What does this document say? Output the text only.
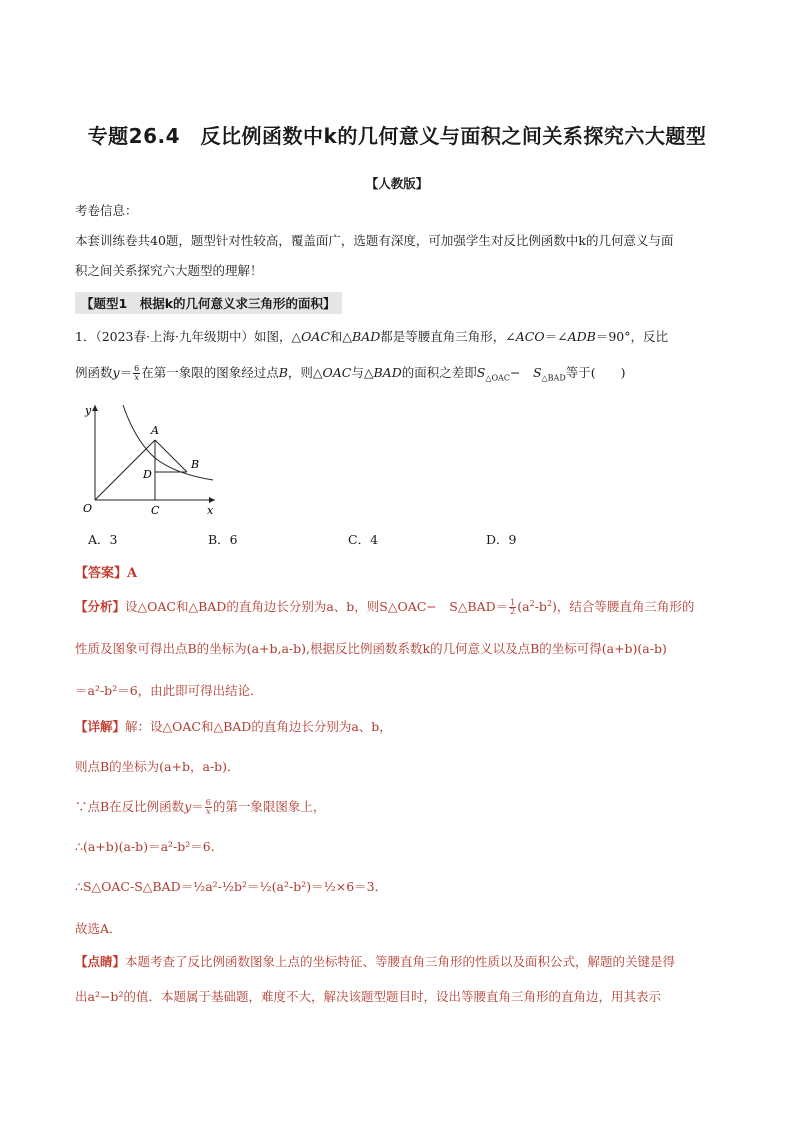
专题26.4　反比例函数中k的几何意义与面积之间关系探究六大题型
【人教版】
考卷信息：
本套训练卷共40题，题型针对性较高，覆盖面广，选题有深度，可加强学生对反比例函数中k的几何意义与面
积之间关系探究六大题型的理解！
【题型1　根据k的几何意义求三角形的面积】
1．（2023春·上海·九年级期中）如图，△OAC和△BAD都是等腰直角三角形，∠ACO＝∠ADB＝90°，反比
例函数$y= \frac{6}{x}$ 在第一象限的图象经过点B，则△OAC与△BAD的面积之差即$S_{\triangle OAC}-$　 $S_{\triangle BAD}$等于(　　)
y
x
O
A
B
C
D
A．3	B．6	C．4	D．9
【答案】A
【分析】设△OAC和△BAD的直角边长分别为a、b，则S△OAC−　S△BAD＝ $\frac{1}{2} (a^2-b^2)$，结合等腰直角三角形的
性质及图象可得出点B的坐标为(a+b,a-b),根据反比例函数系数k的几何意义以及点B的坐标可得(a+b)(a-b)
＝a²-b²＝6，由此即可得出结论．
【详解】解：设△OAC和△BAD的直角边长分别为a、b，
则点B的坐标为(a+b，a-b)．
∵点B在反比例函数$y= \frac{6}{x}$ 的第一象限图象上，
∴(a+b)(a-b)＝a²-b²＝6．
∴S△OAC-S△BAD＝½a²-½b²＝½(a²-b²)＝½×6＝3．
故选A．
【点睛】本题考查了反比例函数图象上点的坐标特征、等腰直角三角形的性质以及面积公式，解题的关键是得
出a²−b²的值．本题属于基础题，难度不大，解决该题型题目时，设出等腰直角三角形的直角边，用其表示
